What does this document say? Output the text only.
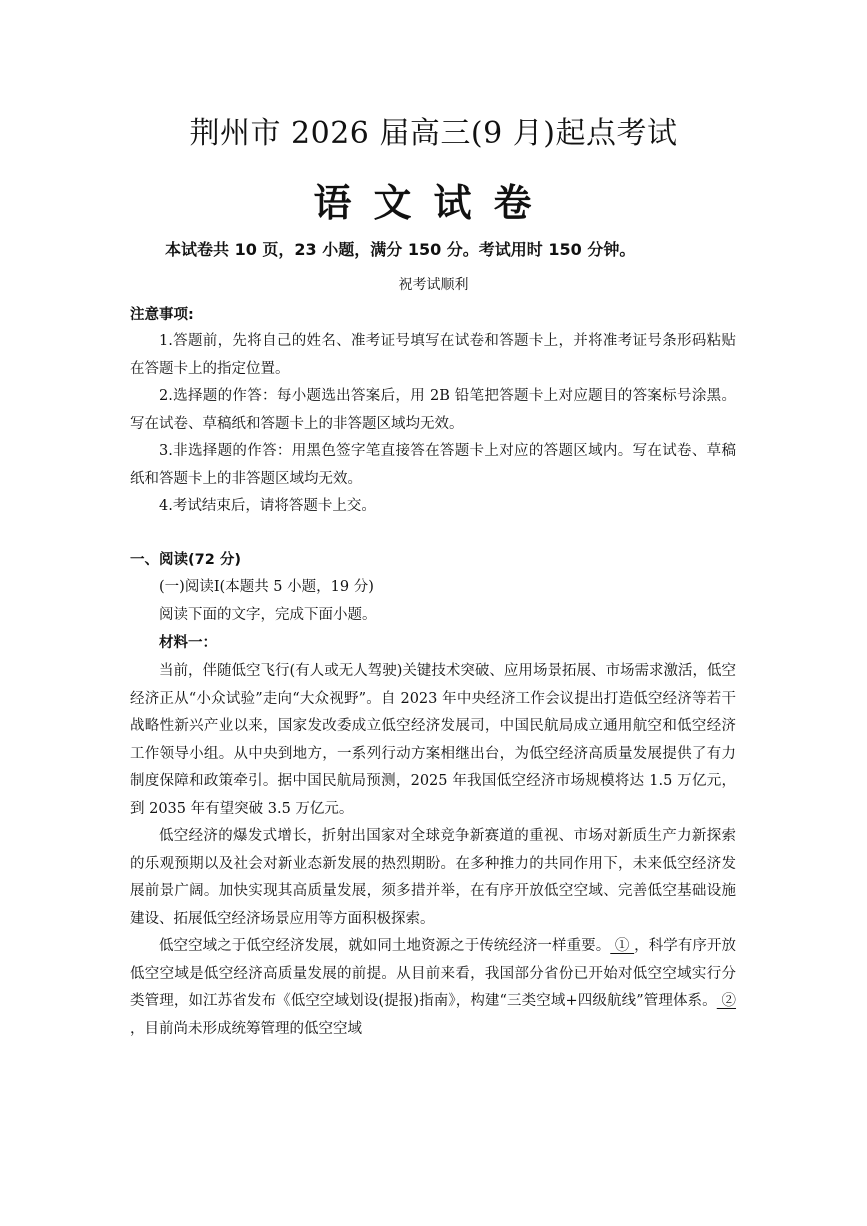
荆州市 2026 届高三(9 月)起点考试
语文试卷
本试卷共 10 页，23 小题，满分 150 分。考试用时 150 分钟。
祝考试顺利
注意事项:

1.答题前，先将自己的姓名、准考证号填写在试卷和答题卡上，并将准考证号条形码粘贴在答题卡上的指定位置。

2.选择题的作答：每小题选出答案后，用 2B 铅笔把答题卡上对应题目的答案标号涂黑。写在试卷、草稿纸和答题卡上的非答题区域均无效。

3.非选择题的作答：用黑色签字笔直接答在答题卡上对应的答题区域内。写在试卷、草稿纸和答题卡上的非答题区域均无效。

4.考试结束后，请将答题卡上交。

一、阅读(72 分)
(一)阅读Ⅰ(本题共 5 小题，19 分)
阅读下面的文字，完成下面小题。
材料一：

当前，伴随低空飞行(有人或无人驾驶)关键技术突破、应用场景拓展、市场需求激活，低空经济正从“小众试验”走向“大众视野”。自 2023 年中央经济工作会议提出打造低空经济等若干战略性新兴产业以来，国家发改委成立低空经济发展司，中国民航局成立通用航空和低空经济工作领导小组。从中央到地方，一系列行动方案相继出台，为低空经济高质量发展提供了有力制度保障和政策牵引。据中国民航局预测，2025 年我国低空经济市场规模将达 1.5 万亿元，到 2035 年有望突破 3.5 万亿元。

低空经济的爆发式增长，折射出国家对全球竞争新赛道的重视、市场对新质生产力新探索的乐观预期以及社会对新业态新发展的热烈期盼。在多种推力的共同作用下，未来低空经济发展前景广阔。加快实现其高质量发展，须多措并举，在有序开放低空空域、完善低空基础设施建设、拓展低空经济场景应用等方面积极探索。

低空空域之于低空经济发展，就如同土地资源之于传统经济一样重要。 ① ，科学有序开放低空空域是低空经济高质量发展的前提。从目前来看，我国部分省份已开始对低空空域实行分类管理，如江苏省发布《低空空域划设(提报)指南》，构建“三类空域+四级航线”管理体系。 ② ，目前尚未形成统筹管理的低空空域
